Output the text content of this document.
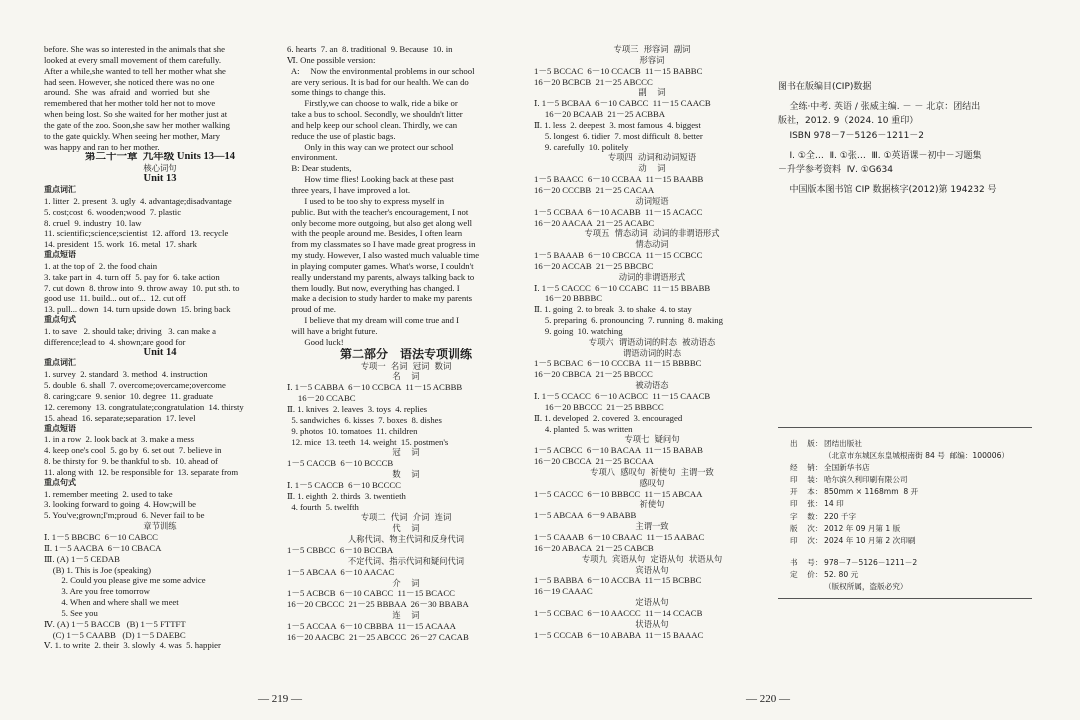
before. She was so interested in the animals that she
looked at every small movement of them carefully.
After a while,she wanted to tell her mother what she
had seen. However, she noticed there was no one
around.  She  was  afraid  and  worried  but  she
remembered that her mother told her not to move
when being lost. So she waited for her mother just at
the gate of the zoo. Soon,she saw her mother walking
to the gate quickly. When seeing her mother, Mary
was happy and ran to her mother.
第二十一章  九年级 Units 13—14
核心词句
Unit 13
重点词汇
1. litter  2. present  3. ugly  4. advantage;disadvantage
5. cost;cost  6. wooden;wood  7. plastic
8. cruel  9. industry  10. law
11. scientific;science;scientist  12. afford  13. recycle
14. president  15. work  16. metal  17. shark
重点短语
1. at the top of  2. the food chain
3. take part in  4. turn off  5. pay for  6. take action
7. cut down  8. throw into  9. throw away  10. put sth. to
good use  11. build... out of...  12. cut off
13. pull... down  14. turn upside down  15. bring back
重点句式
1. to save   2. should take; driving   3. can make a
difference;lead to  4. shown;are good for
Unit 14
重点词汇
1. survey  2. standard  3. method  4. instruction
5. double  6. shall  7. overcome;overcame;overcome
8. caring;care  9. senior  10. degree  11. graduate
12. ceremony  13. congratulate;congratulation  14. thirsty
15. ahead  16. separate;separation  17. level
重点短语
1. in a row  2. look back at  3. make a mess
4. keep one's cool  5. go by  6. set out  7. believe in
8. be thirsty for  9. be thankful to sb.  10. ahead of
11. along with  12. be responsible for  13. separate from
重点句式
1. remember meeting  2. used to take
3. looking forward to going  4. How;will be
5. You've;grown;I'm;proud  6. Never fail to be
章节训练
Ⅰ. 1－5 BBCBC  6－10 CABCC
Ⅱ. 1－5 AACBA  6－10 CBACA
Ⅲ. (A) 1－5 CEDAB
(B) 1. This is Joe (speaking)
2. Could you please give me some advice
3. Are you free tomorrow
4. When and where shall we meet
5. See you
Ⅳ. (A) 1－5 BACCB   (B) 1－5 FTTFT
(C) 1－5 CAABB   (D) 1－5 DAEBC
Ⅴ. 1. to write  2. their  3. slowly  4. was  5. happier
6. hearts  7. an  8. traditional  9. Because  10. in
Ⅵ. One possible version:
A:     Now the environmental problems in our school
are very serious. It is bad for our health. We can do
some things to change this.
Firstly,we can choose to walk, ride a bike or
take a bus to school. Secondly, we shouldn't litter
and help keep our school clean. Thirdly, we can
reduce the use of plastic bags.
Only in this way can we protect our school
environment.
B: Dear students,
How time flies! Looking back at these past
three years, I have improved a lot.
I used to be too shy to express myself in
public. But with the teacher's encouragement, I not
only become more outgoing, but also get along well
with the people around me. Besides, I often learn
from my classmates so I have made great progress in
my study. However, I also wasted much valuable time
in playing computer games. What's worse, I couldn't
really understand my parents, always talking back to
them loudly. But now, everything has changed. I
make a decision to study harder to make my parents
proud of me.
I believe that my dream will come true and I
will have a bright future.
Good luck!
第二部分    语法专项训练
专项一  名词  冠词  数词
名    词
Ⅰ. 1－5 CABBA  6－10 CCBCA  11－15 ACBBB
16－20 CCABC
Ⅱ. 1. knives  2. leaves  3. toys  4. replies
5. sandwiches  6. kisses  7. boxes  8. dishes
9. photos  10. tomatoes  11. children
12. mice  13. teeth  14. weight  15. postmen's
冠    词
1－5 CACCB  6－10 BCCCB
数    词
Ⅰ. 1－5 CACCB  6－10 BCCCC
Ⅱ. 1. eighth  2. thirds  3. twentieth
4. fourth  5. twelfth
专项二  代词  介词  连词
代    词
人称代词、物主代词和反身代词
1－5 CBBCC  6－10 BCCBA
不定代词、指示代词和疑问代词
1－5 ABCAA  6－10 AACAC
介    词
1－5 ACBCB  6－10 CABCC  11－15 BCACC
16－20 CBCCC  21－25 BBBAA  26－30 BBABA
连    词
1－5 ACCAA  6－10 CBBBA  11－15 ACAAA
16－20 AACBC  21－25 ABCCC  26－27 CACAB
专项三  形容词  副词
形容词
1－5 BCCAC  6－10 CCACB  11－15 BABBC
16－20 BCBCB  21－25 ABCCC
副    词
Ⅰ. 1－5 BCBAA  6－10 CABCC  11－15 CAACB
16－20 BCAAB  21－25 ACBBA
Ⅱ. 1. less  2. deepest  3. most famous  4. biggest
5. longest  6. tidier  7. most difficult  8. better
9. carefully  10. politely
专项四  动词和动词短语
动    词
1－5 BAACC  6－10 CCBAA  11－15 BAABB
16－20 CCCBB  21－25 CACAA
动词短语
1－5 CCBAA  6－10 ACABB  11－15 ACACC
16－20 AACAA  21－25 ACABC
专项五  情态动词  动词的非谓语形式
情态动词
1－5 BAAAB  6－10 CBCCA  11－15 CCBCC
16－20 ACCAB  21－25 BBCBC
动词的非谓语形式
Ⅰ. 1－5 CACCC  6－10 CCABC  11－15 BBABB
16－20 BBBBC
Ⅱ. 1. going  2. to break  3. to shake  4. to stay
5. preparing  6. pronouncing  7. running  8. making
9. going  10. watching
专项六  谓语动词的时态  被动语态
谓语动词的时态
1－5 BCBAC  6－10 CCCBA  11－15 BBBBC
16－20 CBBCA  21－25 BBCCC
被动语态
Ⅰ. 1－5 CCACC  6－10 ACBCC  11－15 CAACB
16－20 BBCCC  21－25 BBBCC
Ⅱ. 1. developed  2. covered  3. encouraged
4. planted  5. was written
专项七  疑问句
1－5 ACBCC  6－10 BACAA  11－15 BABAB
16－20 CBCCA  21－25 BCCAA
专项八  感叹句  祈使句  主谓一致
感叹句
1－5 CACCC  6－10 BBBCC  11－15 ABCAA
祈使句
1－5 ABCAA  6－9 ABABB
主谓一致
1－5 CAAAB  6－10 CBAAC  11－15 AABAC
16－20 ABACA  21－25 CABCB
专项九  宾语从句  定语从句  状语从句
宾语从句
1－5 BABBA  6－10 ACCBA  11－15 BCBBC
16－19 CAAAC
定语从句
1－5 CCBAC  6－10 AACCC  11－14 CCACB
状语从句
1－5 CCCAB  6－10 ABABA  11－15 BAAAC
图书在版编目(CIP)数据
全练·中考. 英语 / 张威主编. － － 北京：团结出
版社，2012. 9（2024. 10 重印）
ISBN 978－7－5126－1211－2
Ⅰ. ①全…  Ⅱ. ①张…  Ⅲ. ①英语课－初中－习题集
－升学参考资料  Ⅳ. ①G634
中国版本图书馆 CIP 数据核字(2012)第 194232 号
出    版： 团结出版社
（北京市东城区东皇城根南街 84 号  邮编：100006）
经    销： 全国新华书店
印    装： 哈尔滨久利印刷有限公司
开    本： 850mm × 1168mm  8 开
印    张： 14 印
字    数： 220 千字
版    次： 2012 年 09 月第 1 版
印    次： 2024 年 10 月第 2 次印刷
书    号： 978－7－5126－1211－2
定    价： 52. 80 元
（版权所属，盗版必究）
— 219 —	— 220 —
